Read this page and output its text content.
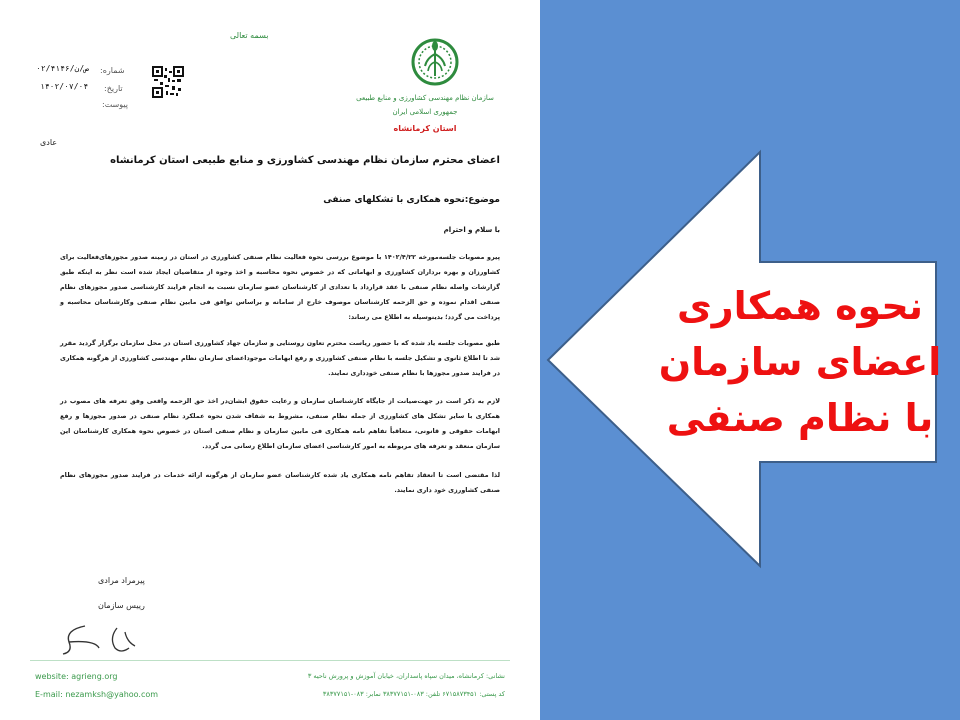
بسمه تعالی
سازمان نظام مهندسی کشاورزی و منابع طبیعی
جمهوری اسلامی ایران
استان کرمانشاه
شماره:
تاریخ:
پیوست:
۰۲/۴۱۴۶/ص/ن
۱۴۰۲/۰۷/۰۴
عادی
اعضای محترم سازمان نظام مهندسی کشاورزی و منابع طبیعی استان کرمانشاه
موضوع:نحوه همکاری با تشکلهای صنفی
با سلام و احترام
پیرو مصوبات جلسه‌مورخه ۱۴۰۲/۴/۲۲ با موضوع بررسی نحوه فعالیت نظام صنفی کشاورزی در استان در زمینه صدور مجوزهای‌فعالیت برای کشاورزان و بهره برداران کشاورزی و ابهاماتی که در خصوص نحوه محاسبه و اخذ وجوه از متقاضیان ایجاد شده است نظر به اینکه طبق گزارشات واصله نظام صنفی با عقد قرارداد با تعدادی از کارشناسان عضو سازمان نسبت به انجام فرایند کارشناسی صدور مجوزهای نظام صنفی اقدام نموده و حق الزحمه کارشناسان موصوف خارج از سامانه و براساس توافق فی مابین نظام صنفی وکارشناسان محاسبه و پرداخت می گردد؛ بدینوسیله به اطلاع می رساند:
طبق مصوبات جلسه یاد شده که با حضور ریاست محترم تعاون روستایی و سازمان جهاد کشاورزی استان در محل سازمان برگزار گردید مقرر شد تا اطلاع ثانوی و تشکیل جلسه با نظام صنفی کشاورزی و رفع ابهامات موجود‌اعضای سازمان نظام مهندسی کشاورزی از هرگونه همکاری در فرایند صدور مجوزها با نظام صنفی خودداری نمایند.
لازم به ذکر است در جهت‌صیانت از جایگاه کارشناسان سازمان و رعایت حقوق ایشان‌در اخذ حق الزحمه واقعی وفق تعرفه های مصوب در همکاری با سایر تشکل های کشاورزی از جمله نظام صنفی، مشروط به شفاف شدن نحوه عملکرد نظام صنفی در صدور مجوزها و رفع ابهامات حقوقی و قانونی، متعاقباً تفاهم نامه همکاری فی مابین سازمان و نظام صنفی استان در خصوص نحوه همکاری کارشناسان این سازمان منعقد و تعرفه های مربوطه به امور کارشناسی اعضای سازمان اطلاع رسانی می گردد.
لذا مقتضی است تا انعقاد تفاهم نامه همکاری یاد شده کارشناسان عضو سازمان از هرگونه ارائه خدمات در فرایند صدور مجوزهای نظام صنفی کشاورزی خود داری نمایند.
پیرمراد مرادی
رییس سازمان
website: agrieng.org
E-mail: nezamksh@yahoo.com
نشانی: کرمانشاه، میدان سپاه پاسداران، خیابان آموزش و پرورش ناحیه ۳
کد پستی: ۶۷۱۵۸۷۳۴۵۱ تلفن: ۰۸۳-۳۸۳۷۷۱۵۱ نمابر: ۰۸۳-۳۸۳۷۷۱۵۱
نحوه همکاری
اعضای سازمان
با نظام صنفی
